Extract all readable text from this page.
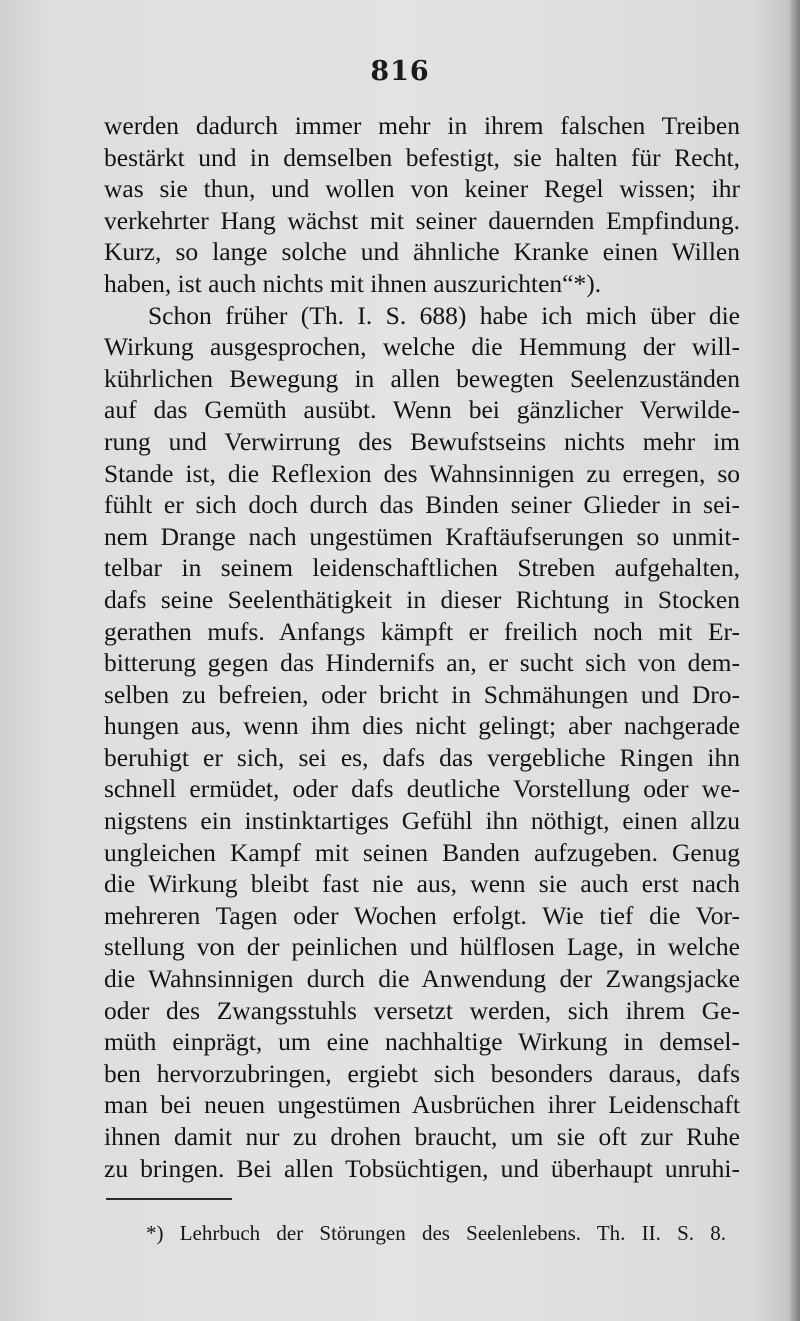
816
werden dadurch immer mehr in ihrem falschen Treiben
bestärkt und in demselben befestigt, sie halten für Recht,
was sie thun, und wollen von keiner Regel wissen; ihr
verkehrter Hang wächst mit seiner dauernden Empfindung.
Kurz, so lange solche und ähnliche Kranke einen Willen
haben, ist auch nichts mit ihnen auszurichten“*).
Schon früher (Th. I. S. 688) habe ich mich über die
Wirkung ausgesprochen, welche die Hemmung der will-
kührlichen Bewegung in allen bewegten Seelenzuständen
auf das Gemüth ausübt. Wenn bei gänzlicher Verwilde-
rung und Verwirrung des Bewufstseins nichts mehr im
Stande ist, die Reflexion des Wahnsinnigen zu erregen, so
fühlt er sich doch durch das Binden seiner Glieder in sei-
nem Drange nach ungestümen Kraftäufserungen so unmit-
telbar in seinem leidenschaftlichen Streben aufgehalten,
dafs seine Seelenthätigkeit in dieser Richtung in Stocken
gerathen mufs. Anfangs kämpft er freilich noch mit Er-
bitterung gegen das Hindernifs an, er sucht sich von dem-
selben zu befreien, oder bricht in Schmähungen und Dro-
hungen aus, wenn ihm dies nicht gelingt; aber nachgerade
beruhigt er sich, sei es, dafs das vergebliche Ringen ihn
schnell ermüdet, oder dafs deutliche Vorstellung oder we-
nigstens ein instinktartiges Gefühl ihn nöthigt, einen allzu
ungleichen Kampf mit seinen Banden aufzugeben. Genug
die Wirkung bleibt fast nie aus, wenn sie auch erst nach
mehreren Tagen oder Wochen erfolgt. Wie tief die Vor-
stellung von der peinlichen und hülflosen Lage, in welche
die Wahnsinnigen durch die Anwendung der Zwangsjacke
oder des Zwangsstuhls versetzt werden, sich ihrem Ge-
müth einprägt, um eine nachhaltige Wirkung in demsel-
ben hervorzubringen, ergiebt sich besonders daraus, dafs
man bei neuen ungestümen Ausbrüchen ihrer Leidenschaft
ihnen damit nur zu drohen braucht, um sie oft zur Ruhe
zu bringen. Bei allen Tobsüchtigen, und überhaupt unruhi-
*) Lehrbuch der Störungen des Seelenlebens. Th. II. S. 8.
